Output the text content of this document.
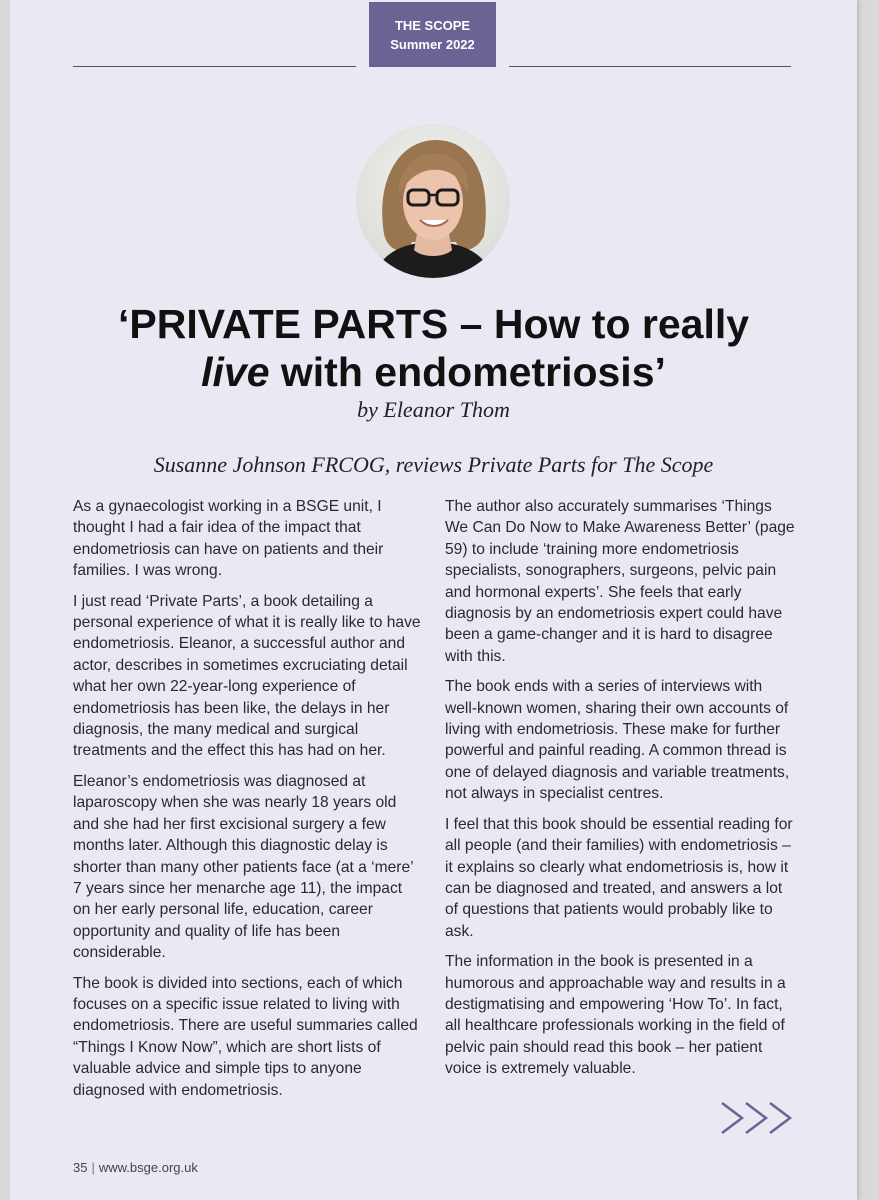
THE SCOPE
Summer 2022
‘PRIVATE PARTS – How to really
live with endometriosis’
by Eleanor Thom
Susanne Johnson FRCOG, reviews Private Parts for The Scope

As a gynaecologist working in a BSGE unit, I thought I had a fair idea of the impact that endometriosis can have on patients and their families. I was wrong.

I just read ‘Private Parts’, a book detailing a personal experience of what it is really like to have endometriosis. Eleanor, a successful author and actor, describes in sometimes excruciating detail what her own 22-year-long experience of endometriosis has been like, the delays in her diagnosis, the many medical and surgical treatments and the effect this has had on her.

Eleanor’s endometriosis was diagnosed at laparoscopy when she was nearly 18 years old and she had her first excisional surgery a few months later. Although this diagnostic delay is shorter than many other patients face (at a ‘mere’ 7 years since her menarche age 11), the impact on her early personal life, education, career opportunity and quality of life has been considerable.

The book is divided into sections, each of which focuses on a specific issue related to living with endometriosis. There are useful summaries called “Things I Know Now”, which are short lists of valuable advice and simple tips to anyone diagnosed with endometriosis.

The author also accurately summarises ‘Things We Can Do Now to Make Awareness Better’ (page 59) to include ‘training more endometriosis specialists, sonographers, surgeons, pelvic pain and hormonal experts’. She feels that early diagnosis by an endometriosis expert could have been a game-changer and it is hard to disagree with this.

The book ends with a series of interviews with well-known women, sharing their own accounts of living with endometriosis. These make for further powerful and painful reading. A common thread is one of delayed diagnosis and variable treatments, not always in specialist centres.

I feel that this book should be essential reading for all people (and their families) with endometriosis – it explains so clearly what endometriosis is, how it can be diagnosed and treated, and answers a lot of questions that patients would probably like to ask.

The information in the book is presented in a humorous and approachable way and results in a destigmatising and empowering ‘How To’. In fact, all healthcare professionals working in the field of pelvic pain should read this book – her patient voice is extremely valuable.

35 | www.bsge.org.uk
